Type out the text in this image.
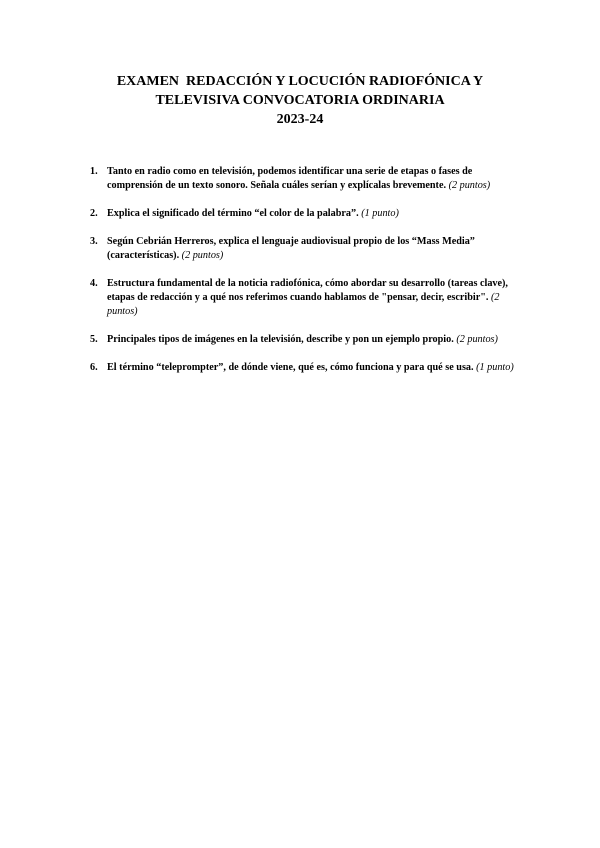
EXAMEN  REDACCIÓN Y LOCUCIÓN RADIOFÓNICA Y
TELEVISIVA CONVOCATORIA ORDINARIA
2023-24
1. Tanto en radio como en televisión, podemos identificar una serie de etapas o fases de comprensión de un texto sonoro. Señala cuáles serían y explícalas brevemente. (2 puntos)
2. Explica el significado del término “el color de la palabra”. (1 punto)
3. Según Cebrián Herreros, explica el lenguaje audiovisual propio de los “Mass Media” (características). (2 puntos)
4. Estructura fundamental de la noticia radiofónica, cómo abordar su desarrollo (tareas clave), etapas de redacción y a qué nos referimos cuando hablamos de "pensar, decir, escribir". (2 puntos)
5. Principales tipos de imágenes en la televisión, describe y pon un ejemplo propio. (2 puntos)
6. El término “teleprompter”, de dónde viene, qué es, cómo funciona y para qué se usa. (1 punto)
